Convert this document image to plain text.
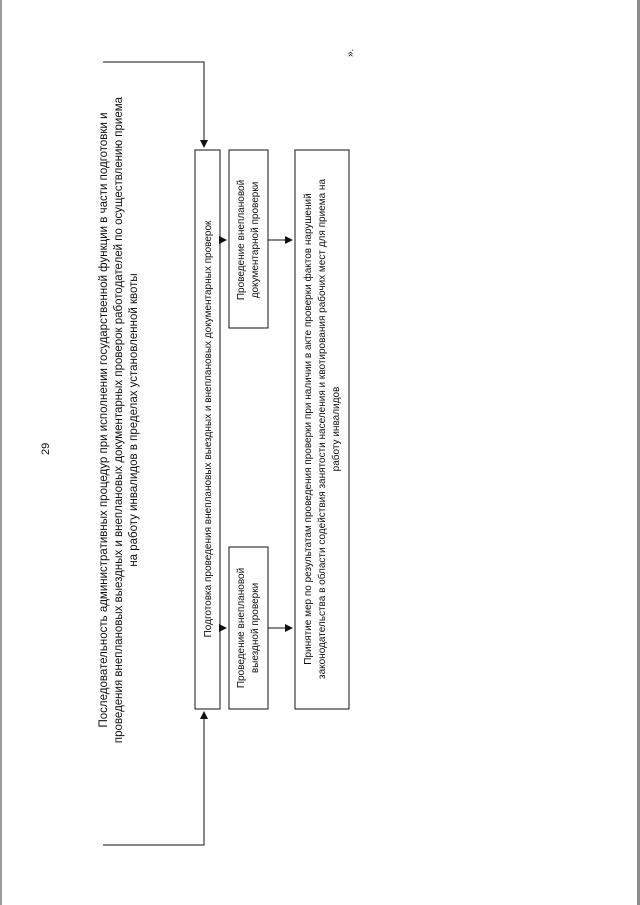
29
».
Последовательность административных процедур при исполнении государственной функции в части подготовки и проведения внеплановых выездных и внеплановых документарных проверок работодателей по осуществлению приема на работу инвалидов в пределах установленной квоты	Подготовка проведения внеплановых выездных и внеплановых документарных проверок Проведение внеплановой выездной проверки
Проведение внеплановой документарной проверки	Принятие мер по результатам проведения проверки при наличии в акте проверки фактов нарушений законодательства в области содействия занятости населения и квотирования рабочих мест для приема на работу инвалидов
